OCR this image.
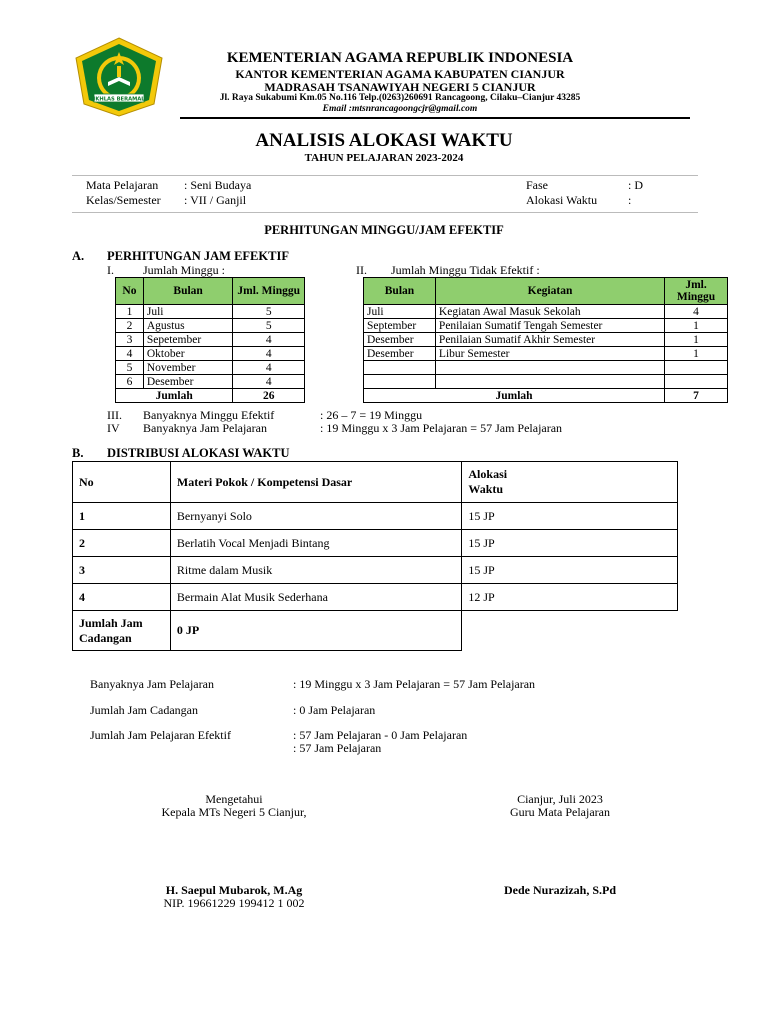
IKHLAS BERAMAL
KEMENTERIAN AGAMA REPUBLIK INDONESIA
KANTOR KEMENTERIAN AGAMA KABUPATEN CIANJUR
MADRASAH TSANAWIYAH NEGERI 5 CIANJUR
Jl. Raya Sukabumi Km.05 No.116 Telp.(0263)260691 Rancagoong, Cilaku–Cianjur 43285
Email :mtsnrancagoongcjr@gmail.com
ANALISIS ALOKASI WAKTU
TAHUN PELAJARAN 2023-2024
Mata Pelajaran : Seni Budaya
Kelas/Semester : VII / Ganjil
Fase	: D
Alokasi Waktu	:
PERHITUNGAN MINGGU/JAM EFEKTIF
A. PERHITUNGAN JAM EFEKTIF
I. Jumlah Minggu :	II. Jumlah Minggu Tidak Efektif :
No	Bulan	Jml. Minggu
1	Juli	5
2	Agustus	5
3	Sepetember	4
4	Oktober	4
5	November	4
6	Desember	4
Jumlah		26
Bulan	Kegiatan	Jml. Minggu
Juli	Kegiatan Awal Masuk Sekolah	4
September	Penilaian Sumatif Tengah Semester	1
Desember	Penilaian Sumatif Akhir Semester	1
Desember	Libur Semester	1

Jumlah		7
III. Banyaknya Minggu Efektif	: 26 – 7 = 19 Minggu
IV Banyaknya Jam Pelajaran	: 19 Minggu x 3 Jam Pelajaran = 57 Jam Pelajaran
B. DISTRIBUSI ALOKASI WAKTU
No	Materi Pokok / Kompetensi Dasar	Alokasi
Waktu

1	Bernyanyi Solo	15 JP
2	Berlatih Vocal Menjadi Bintang	15 JP
3	Ritme dalam Musik	15 JP
4	Bermain Alat Musik Sederhana	12 JP

Jumlah Jam
Cadangan	0 JP	
Banyaknya Jam Pelajaran	: 19 Minggu x 3 Jam Pelajaran = 57 Jam Pelajaran
Jumlah Jam Cadangan	: 0 Jam Pelajaran
Jumlah Jam Pelajaran Efektif	: 57 Jam Pelajaran - 0 Jam Pelajaran
: 57 Jam Pelajaran
Mengetahui
Kepala MTs Negeri 5 Cianjur,
Cianjur, Juli 2023
Guru Mata Pelajaran
H. Saepul Mubarok, M.Ag
NIP. 19661229 199412 1 002
Dede Nurazizah, S.Pd
